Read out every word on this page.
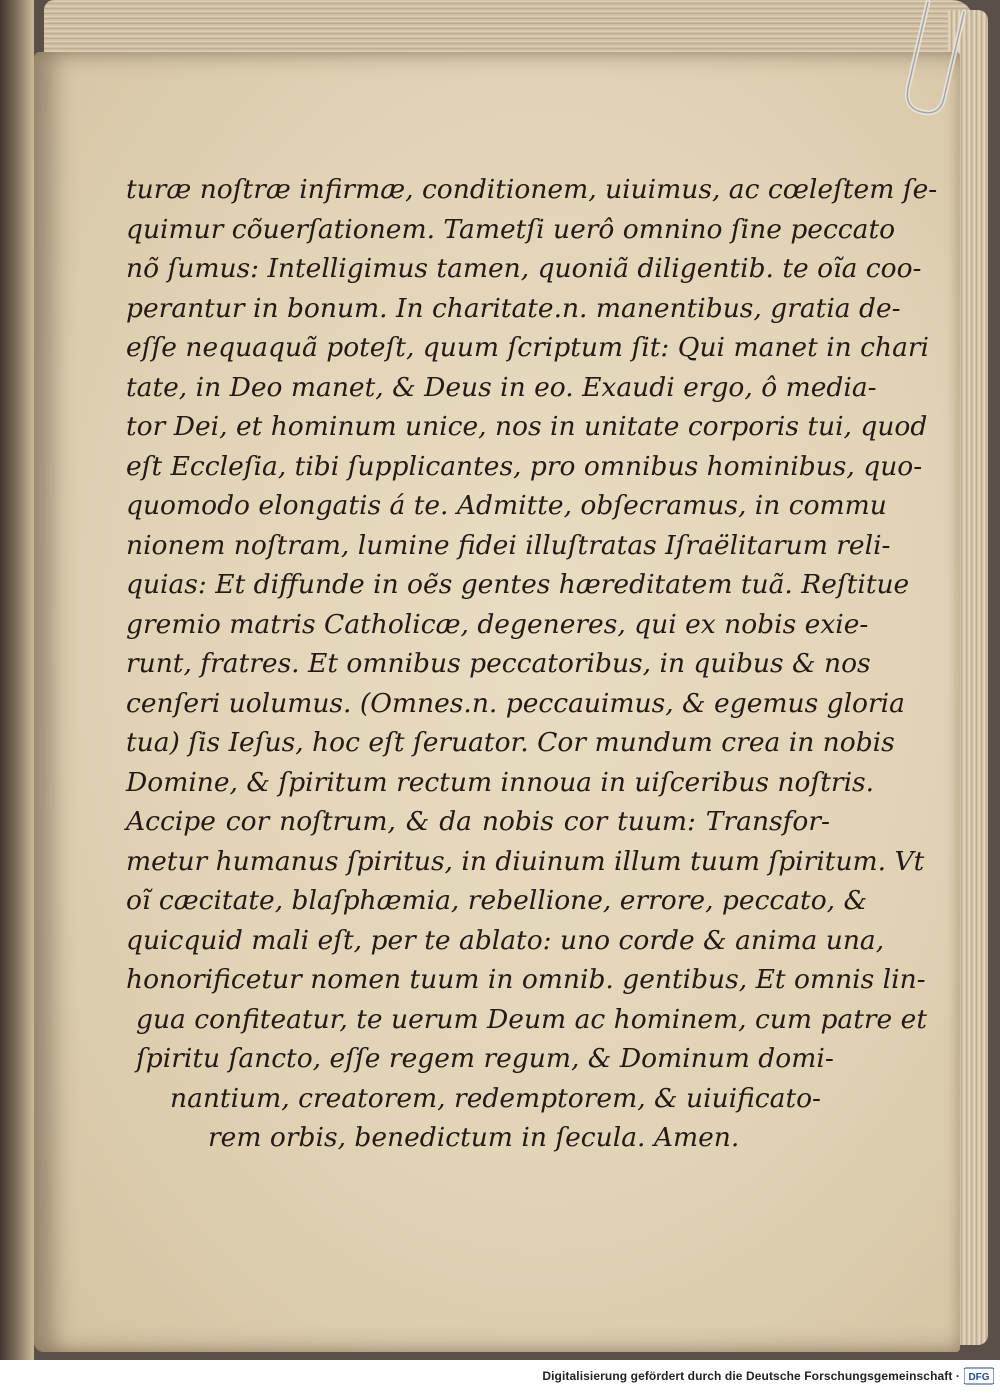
turæ noſtræ infirmæ, conditionem, uiuimus, ac cœleſtem ſe-
quimur cõuerſationem. Tametſi uerô omnino ſine peccato
nõ ſumus: Intelligimus tamen, quoniã diligentib. te oĩa coo-
perantur in bonum. In charitate.n. manentibus, gratia de-
eſſe nequaquã poteſt, quum ſcriptum ſit: Qui manet in chari
tate, in Deo manet, & Deus in eo. Exaudi ergo, ô media-
tor Dei, et hominum unice, nos in unitate corporis tui, quod
eſt Eccleſia, tibi ſupplicantes, pro omnibus hominibus, quo-
quomodo elongatis á te. Admitte, obſecramus, in commu
nionem noſtram, lumine fidei illuſtratas Iſraëlitarum reli-
quias: Et diffunde in oẽs gentes hæreditatem tuã. Reſtitue
gremio matris Catholicæ, degeneres, qui ex nobis exie-
runt, fratres. Et omnibus peccatoribus, in quibus & nos
cenſeri uolumus. (Omnes.n. peccauimus, & egemus gloria
tua) ſis Ieſus, hoc eſt ſeruator. Cor mundum crea in nobis
Domine, & ſpiritum rectum innoua in uiſceribus noſtris.
Accipe cor noſtrum, & da nobis cor tuum: Transfor-
metur humanus ſpiritus, in diuinum illum tuum ſpiritum. Vt
oĩ cæcitate, blaſphæmia, rebellione, errore, peccato, &
quicquid mali eſt, per te ablato: uno corde & anima una,
honorificetur nomen tuum in omnib. gentibus, Et omnis lin-
gua confiteatur, te uerum Deum ac hominem, cum patre et
ſpiritu ſancto, eſſe regem regum, & Dominum domi-
nantium, creatorem, redemptorem, & uiuificato-
rem orbis, benedictum in ſecula. Amen.
Digitalisierung gefördert durch die Deutsche Forschungsgemeinschaft · DFG
